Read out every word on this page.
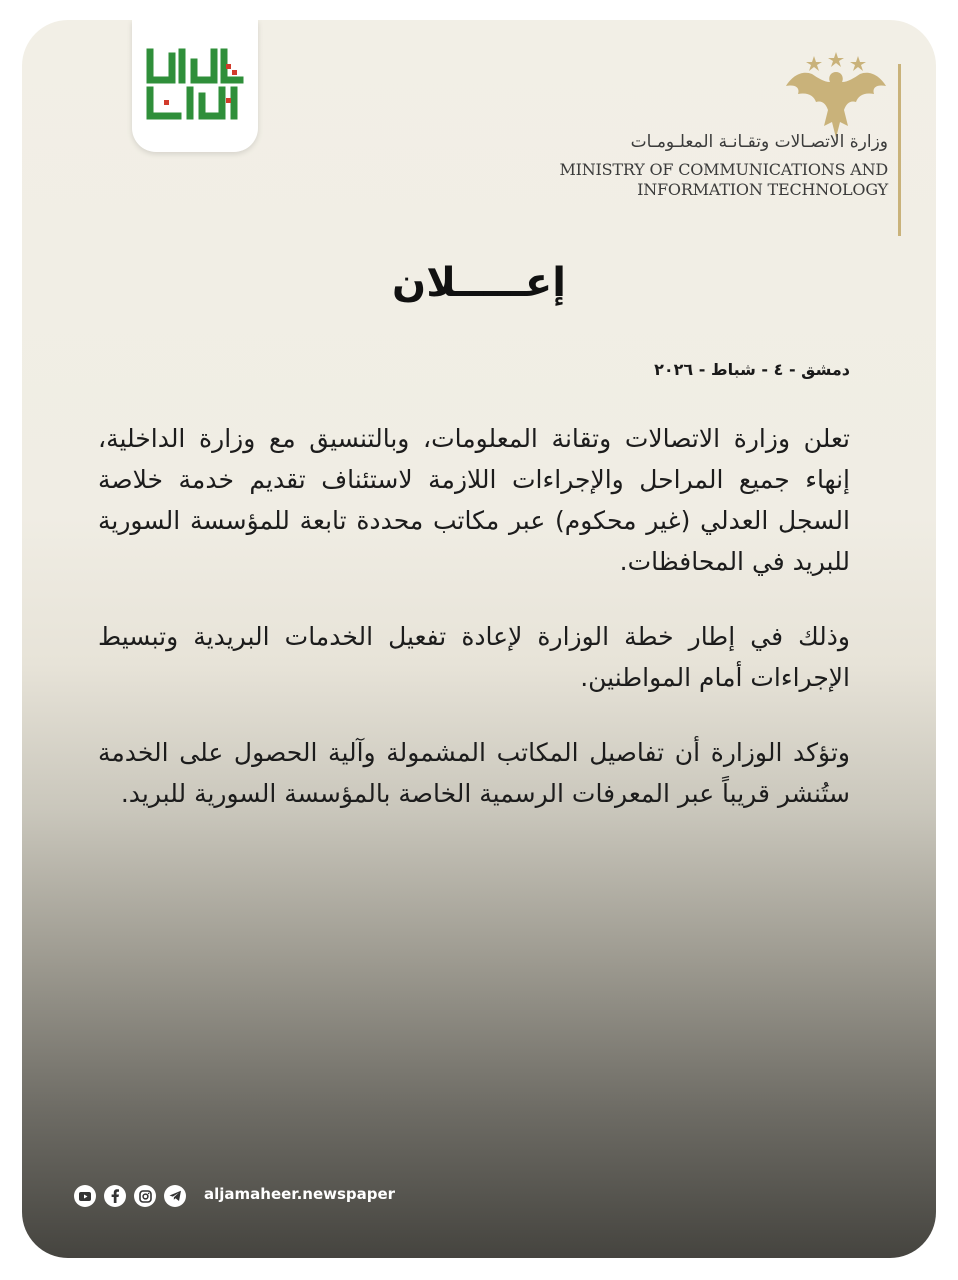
وزارة الاتصـالات وتقـانـة المعلـومـات
MINISTRY OF COMMUNICATIONS AND
INFORMATION TECHNOLOGY
إعـــــلان
دمشق - ٤ - شباط - ٢٠٢٦
تعلن وزارة الاتصالات وتقانة المعلومات، وبالتنسيق مع وزارة الداخلية، إنهاء جميع المراحل والإجراءات اللازمة لاستئناف تقديم خدمة خلاصة السجل العدلي (غير محكوم) عبر مكاتب محددة تابعة للمؤسسة السورية للبريد في المحافظات.
وذلك في إطار خطة الوزارة لإعادة تفعيل الخدمات البريدية وتبسيط الإجراءات أمام المواطنين.
وتؤكد الوزارة أن تفاصيل المكاتب المشمولة وآلية الحصول على الخدمة ستُنشر قريباً عبر المعرفات الرسمية الخاصة بالمؤسسة السورية للبريد.
aljamaheer.newspaper
